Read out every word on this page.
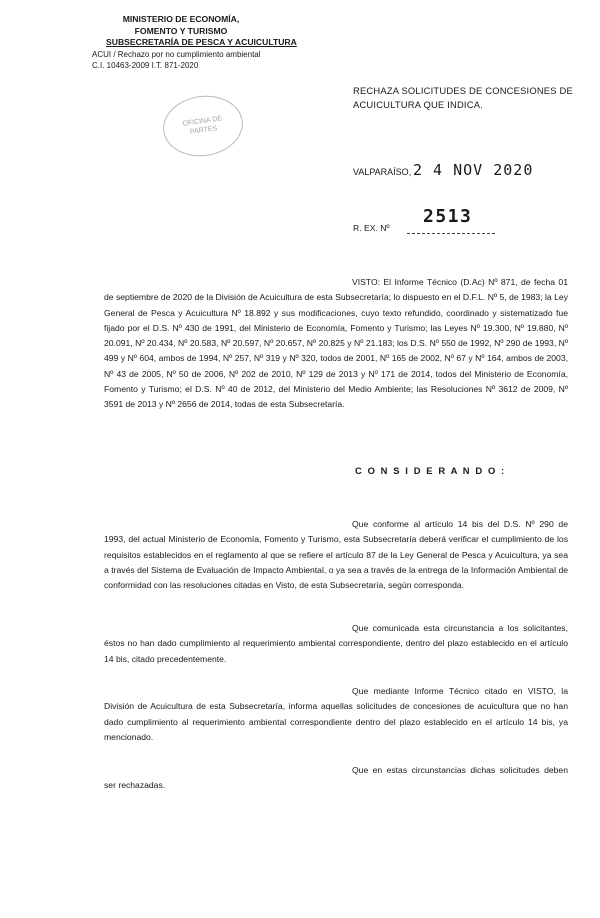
MINISTERIO DE ECONOMÍA,
FOMENTO Y TURISMO
SUBSECRETARÍA DE PESCA Y ACUICULTURA
ACUI / Rechazo por no cumplimiento ambiental
C.I. 10463-2009 I.T. 871-2020
OFICINA DE
PARTES
RECHAZA SOLICITUDES DE CONCESIONES DE ACUICULTURA QUE INDICA.
VALPARAÍSO, 2 4 NOV 2020
R. EX. Nº
2513

VISTO: El Informe Técnico (D.Ac) Nº 871, de fecha 01 de septiembre de 2020 de la División de Acuicultura de esta Subsecretaría; lo dispuesto en el D.F.L. Nº 5, de 1983; la Ley General de Pesca y Acuicultura Nº 18.892 y sus modificaciones, cuyo texto refundido, coordinado y sistematizado fue fijado por el D.S. Nº 430 de 1991, del Ministerio de Economía, Fomento y Turismo; las Leyes Nº 19.300, Nº 19.880, Nº 20.091, Nº 20.434, Nº 20.583, Nº 20.597, Nº 20.657, Nº 20.825 y Nº 21.183; los D.S. Nº 550 de 1992, Nº 290 de 1993, Nº 499 y Nº 604, ambos de 1994, Nº 257, Nº 319 y Nº 320, todos de 2001, Nº 165 de 2002, Nº 67 y Nº 164, ambos de 2003, Nº 43 de 2005, Nº 50 de 2006, Nº 202 de 2010, Nº 129 de 2013 y Nº 171 de 2014, todos del Ministerio de Economía, Fomento y Turismo; el D.S. Nº 40 de 2012, del Ministerio del Medio Ambiente; las Resoluciones Nº 3612 de 2009, Nº 3591 de 2013 y Nº 2656 de 2014, todas de esta Subsecretaría.

C O N S I D E R A N D O :

Que conforme al artículo 14 bis del D.S. Nº 290 de 1993, del actual Ministerio de Economía, Fomento y Turismo, esta Subsecretaría deberá verificar el cumplimiento de los requisitos establecidos en el reglamento al que se refiere el artículo 87 de la Ley General de Pesca y Acuicultura, ya sea a través del Sistema de Evaluación de Impacto Ambiental, o ya sea a través de la entrega de la Información Ambiental de conformidad con las resoluciones citadas en Visto, de esta Subsecretaría, según corresponda.

Que comunicada esta circunstancia a los solicitantes, éstos no han dado cumplimiento al requerimiento ambiental correspondiente, dentro del plazo establecido en el artículo 14 bis, citado precedentemente.

Que mediante Informe Técnico citado en VISTO, la División de Acuicultura de esta Subsecretaría, informa aquellas solicitudes de concesiones de acuicultura que no han dado cumplimiento al requerimiento ambiental correspondiente dentro del plazo establecido en el artículo 14 bis, ya mencionado.

Que en estas circunstancias dichas solicitudes deben ser rechazadas.
